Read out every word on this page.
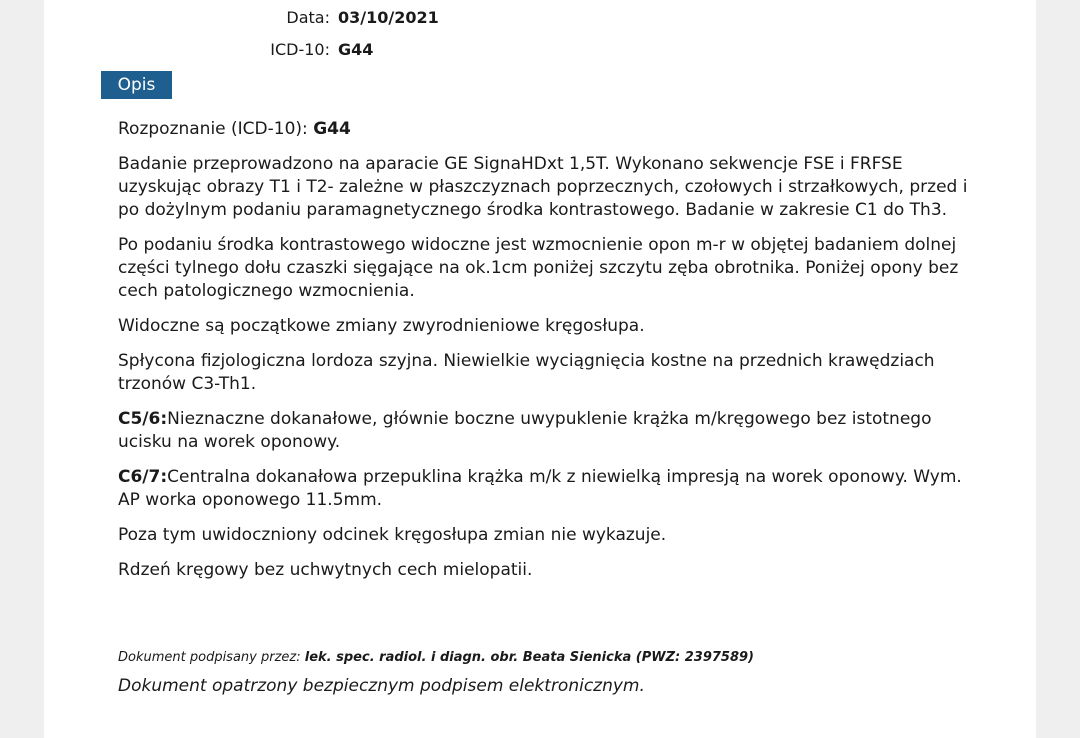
Data: 03/10/2021
ICD-10: G44
Opis

Rozpoznanie (ICD-10): G44

Badanie przeprowadzono na aparacie GE SignaHDxt 1,5T. Wykonano sekwencje FSE i FRFSE uzyskując obrazy T1 i T2- zależne w płaszczyznach poprzecznych, czołowych i strzałkowych, przed i po dożylnym podaniu paramagnetycznego środka kontrastowego. Badanie w zakresie C1 do Th3.

Po podaniu środka kontrastowego widoczne jest wzmocnienie opon m-r w objętej badaniem dolnej części tylnego dołu czaszki sięgające na ok.1cm poniżej szczytu zęba obrotnika. Poniżej opony bez cech patologicznego wzmocnienia.

Widoczne są początkowe zmiany zwyrodnieniowe kręgosłupa.

Spłycona fizjologiczna lordoza szyjna. Niewielkie wyciągnięcia kostne na przednich krawędziach trzonów C3-Th1.

C5/6:Nieznaczne dokanałowe, głównie boczne uwypuklenie krążka m/kręgowego bez istotnego ucisku na worek oponowy.

C6/7:Centralna dokanałowa przepuklina krążka m/k z niewielką impresją na worek oponowy. Wym. AP worka oponowego 11.5mm.

Poza tym uwidoczniony odcinek kręgosłupa zmian nie wykazuje.

Rdzeń kręgowy bez uchwytnych cech mielopatii.

Dokument podpisany przez: lek. spec. radiol. i diagn. obr. Beata Sienicka (PWZ: 2397589)
Dokument opatrzony bezpiecznym podpisem elektronicznym.
